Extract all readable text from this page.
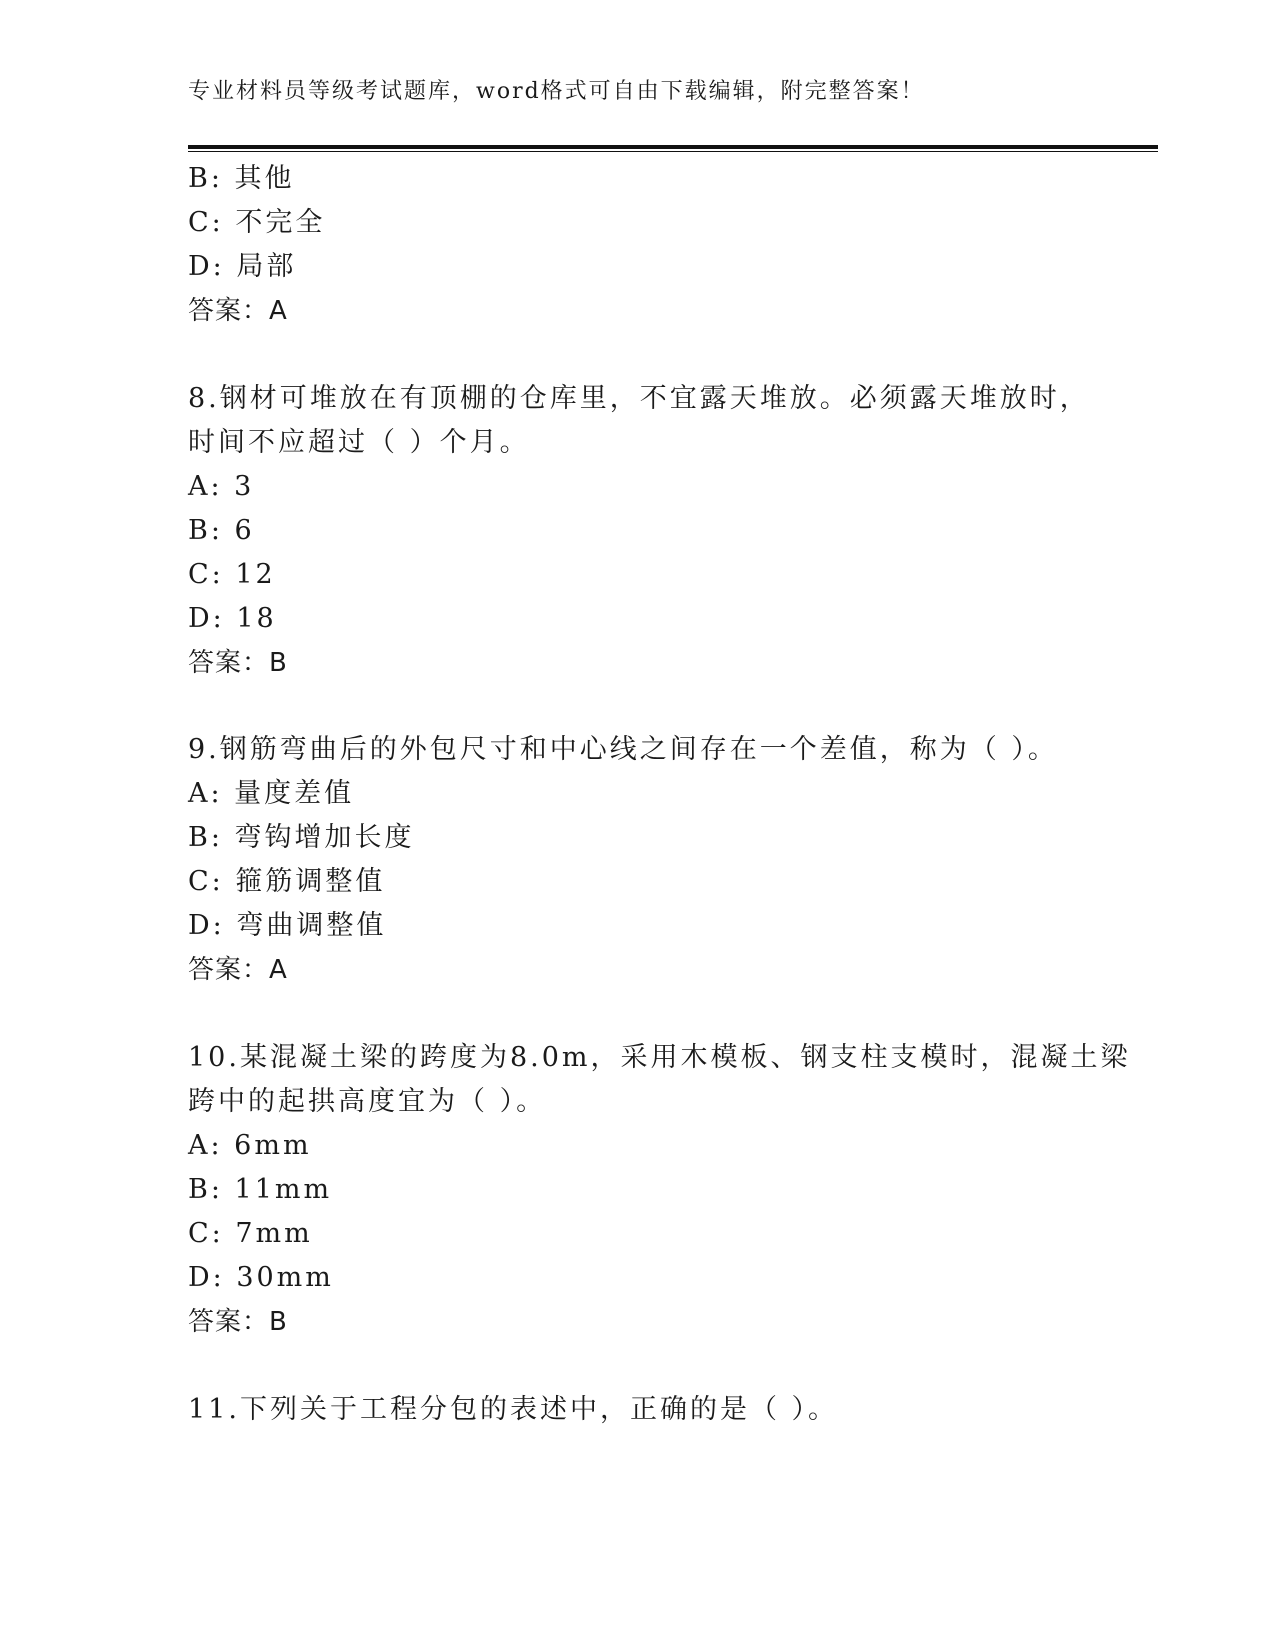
专业材料员等级考试题库，word格式可自由下载编辑，附完整答案！
B: 其他
C: 不完全
D: 局部
答案：A
8.钢材可堆放在有顶棚的仓库里，不宜露天堆放。必须露天堆放时，
时间不应超过（ ）个月。
A: 3
B: 6
C: 12
D: 18
答案：B
9.钢筋弯曲后的外包尺寸和中心线之间存在一个差值，称为（ ）。
A: 量度差值
B: 弯钩增加长度
C: 箍筋调整值
D: 弯曲调整值
答案：A
10.某混凝土梁的跨度为8.0m，采用木模板、钢支柱支模时，混凝土梁
跨中的起拱高度宜为（ ）。
A: 6mm
B: 11mm
C: 7mm
D: 30mm
答案：B
11.下列关于工程分包的表述中，正确的是（ ）。
